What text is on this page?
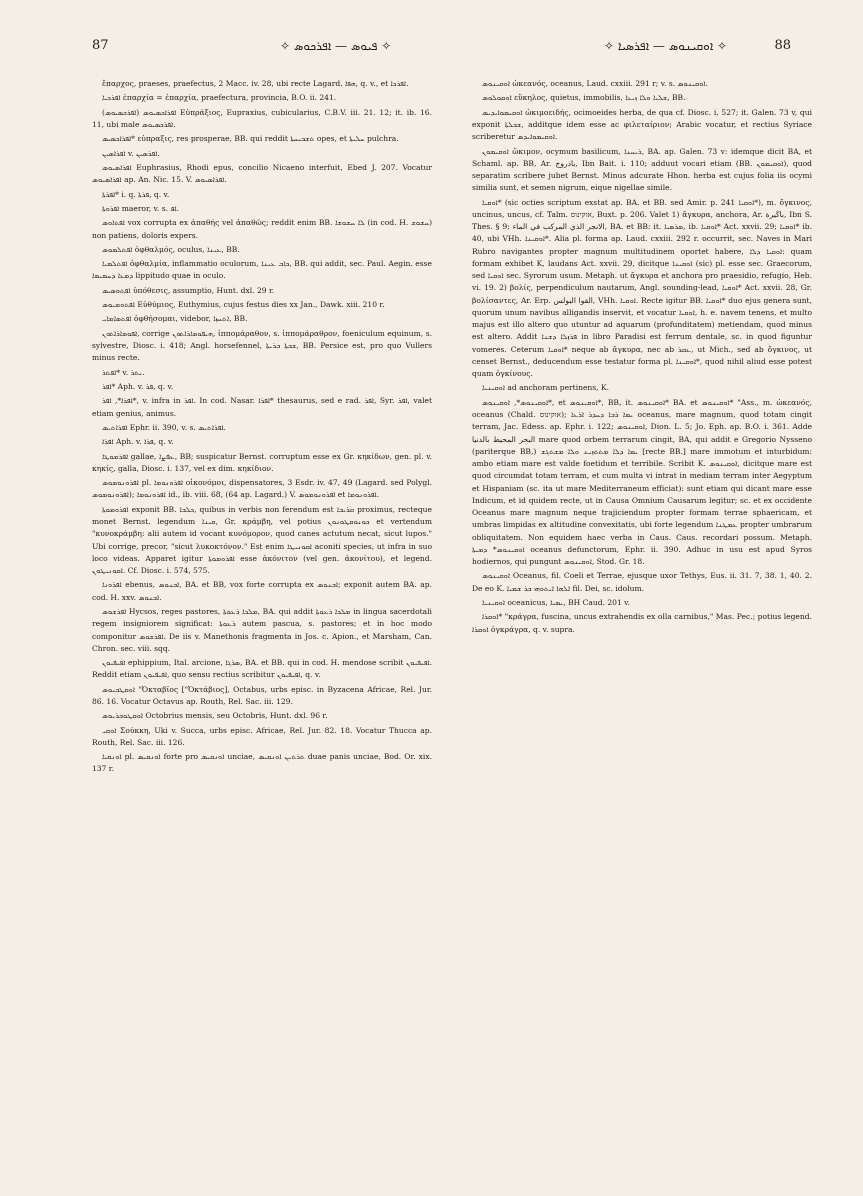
87	✧ ܦܝܘܣ — ܐܦܪܟܘܣ ✧	✧ ܐܘܩܝܢܘܣ — ܐܦܪܣܝܐ ✧	88

ἔπαρχος, praeses, praefectus, 2 Macc. iv. 28, ubi recte Lagard. ܗܦܐ, q. v., et ܐܦܪܟܐ.

ܐܦܪܟܝܐ ἐπαρχία = ἐπαρχία, praefectura, provincia, B.O. ii. 241.

(ܐܦܪܟܣܝܘܣ) ܐܦܪܐܟܣܝܘܣ Εὐπράξιος, Eupraxius, cubicularius, C.B.V. iii. 21. 12; it. ib. 16. 11, ubi male ܐܦܪܟܣܝܘܣ.

ܐܦܪܐܟܣܝܣ* εὐπραξις, res prosperae, BB. qui reddit ܬܫܒܝܚܬܐ opes, et ܚܠܝܬܐ pulchra.

ܐܦܪܐܣܝܢ v. ܐܦܪܣܝܢ.

ܐܦܪܐܣܝܘܣ Euphrasius, Rhodi epus, concilio Nicaeno interfuit, Ebed J. 207. Vocatur ܐܦܪܐܣܝܘܣ ap. An. Nic. 15. V. ܐܦܪܐܣܝܘܣ.

ܐܦܪܬܐ* i. q. ܦܪܬܐ, q. v.

ܐܦܪܘܬܐ maeror, v. s. ܐܦ.

ܐܦܬܐܘܣ vox corrupta ex ἀπαθής vel ἀπαθῶς; reddit enim BB. ܠܐ ܚܫܘܫܐ (in cod. H. ܚܫܘܫ) non patiens, doloris expers.

ܐܦܬܠܡܘܣ ὀφθαλμός, oculus, ܥܝܢܐ, BB.

ܐܦܬܠܡܝܐ ὀφθαλμία, inflammatio oculorum, ܟܐܒ ܥܝܢܐ, BB. qui addit, sec. Paul. Aegin. esse ܕܡܥܐ ܕܚܡܝܡܐ lippitudo quae in oculo.

ܐܦܬܘܣܝܣ ὑπόθεσις, assumptio, Hunt. dxl. 29 r.

ܐܦܬܘܡܝܘܣ Εὐθύμιος, Euthymius, cujus festus dies xx Jan., Dawk. xiii. 210 r.

ܐܦܬܣܐܡܐܝ ὀφθήσομαι, videbor, ܐܬܚܙܐ, BB.

ܐܦܘܡܐܪܐܬܘܢ, corrige ܗܝܦܘܡܐܪܐܬܘܢ, ἱππομάραθον, s. ἱππομάραθρον, foeniculum equinum, s. sylvestre, Diosc. i. 418; Angl. horsefennel, ܫܒܬܐ ܒܪܝܬܐ, BB. Persice est, pro quo Vullers minus recte.

ܐܦܬܪ* v. ܝܬܪ.

ܐܦܪ* Aph. v. ܦܪ, q. v.

ܐܦܪܐ*, ܐܦܪ*, v. infra in ܐܦܪ. In cod. Nasar. ܐܦܪܐ* thesaurus, sed e rad. ܐܦܪ, Syr. ܐܦܪ, valet etiam genius, animus.

ܐܦܪܐܬܝܣ Ephr. ii. 390, v. s. ܐܦܪܐܬܝܣ.

ܐܦܪܐ Aph. v. ܦܪܐ, q. v.

ܐܦܪܡܘܛܐ gallae, ܥܦܨܐ, BB; suspicatur Bernst. corruptum esse ex Gr. κηκίδων, gen. pl. v. κηκίς, galla, Diosc. i. 137, vel ex dim. κηκίδιον.

ܐܦܪܘܢܘܡܘܣ pl. ܐܦܪܘܢܘܡܐ οἰκονόμοι, dispensatores, 3 Esdr. iv. 47, 49 (Lagard. sed Polygl. ܐܦܪܘܢܘܡܘܣ); ܐܦܪܘܢܘܡܐ id., ib. viii. 68, (64 ap. Lagard.) V. ܐܦܪܘܢܘܡܘܣ et ܐܦܪܘܢܘܡܐ.

ܐܦܪܘܡܘܬܐ exponit BB. ܟܠܒܐ, quibus in verbis non ferendum est ܩܪܝܒܐ proximus, recteque monet Bernst. legendum ܩܝܢܐ, Gr. κράμβη, vel potius ܟܘܢܘܩܛܘܢܘܢ et vertendum "κυνοκράμβη: alii autem id vocant κυνόμορον, quod canes actutum necat, sicut lupos." Ubi corrige, precor, "sicut λυκοκτόνον." Est enim ܐܩܘܢܝܛܐ aconiti species, ut infra in suo loco videas. Apparet igitur ܐܦܪܘܡܘܬܐ esse ἀκόνιτον (vel gen. ἀκονίτου), et legend. ܐܩܘܢܝܛܘܢ. Cf. Diosc. i. 574, 575.

ܐܦܪܘܢܐ ebenus, ܐܒܢܘܣ, BA. et BB, vox forte corrupta ex ܐܒܢܘܣ; exponit autem BA. ap. cod. H. xxv. ܐܒܢܘܣ.

ܐܦܪܫܘܣ Hycsos, reges pastores, ܡܠܟܐ ܪܥܘܬܐ, BA. qui addit ܡܠܟܐ ܪܥܘܬܐ in lingua sacerdotali regem insigniorem significat: ܪܥܘܬܐ autem pascua, s. pastores; et in hoc modo componitur ܐܦܪܫܘܣ. De iis v. Manethonis fragmenta in Jos. c. Apion., et Marsham, Can. Chron. sec. viii. sqq.

ܐܦܝܦܝܘܢ ephippium, Ital. arcione, ܣܪܓܐ, BA. et BB. qui in cod. H. mendose scribit ܐܦܝܦܝܘܢ. Reddit etiam ܐܦܝܦܝܘܢ, quo sensu rectius scribitur ܐܦܝܦܝܘܢ, q. v.

ܐܘܩܛܒܝܘܣ "Ὀκταβῖος ["Ὀκτάβιος], Octabus, urbs episc. in Byzacena Africae, Rel. Jur. 86. 16. Vocatur Octavus ap. Routh, Rel. Sac. iii. 129.

ܐܘܩܛܘܒܪܝܘܣ Octobrius mensis, seu Octobris, Hunt. dxl. 96 r.

ܐܘܩܝ Σούκκη, Uki v. Succa, urbs episc. Africae, Rel. Jur. 82. 18. Vocatur Thucca ap. Routh, Rel. Sac. iii. 126.

ܐܘܢܩܝܐ pl. ܐܘܢܩܝܣ forte pro ܐܘܢܩܝܣ unciae, ܬܪܬܝܢ ܐܘܢܩܝܣ duae panis unciae, Bod. Or. xix. 137 r.

ܐܘܩܝܢܘܣ ὠκεανός, oceanus, Laud. cxxiii. 291 r; v. s. ܐܘܩܝܢܘܣ.

ܐܘܩܘܠܘܣ εὔκηλος, quietus, immobilis, ܫܠܝܐ ܘܠܐ ܙܝܥܐ, BB.

ܐܘܩܝܡܘܐܝܕܝܣ ὠκιμοειδής, ocimoeides herba, de qua cf. Diosc. i. 527; it. Galen. 73 v, qui exponit ܫܒܠܬܐ, additque idem esse ac φιλεταίριον; Arabic vocatur, et rectius Syriace scriberetur ܐܘܩܝܡܘܐܝܕܣ.

ܐܘܩܝܡܘܢ ὤκιμον, ocymum basilicum, ܪܝܚܢܐ, BA. ap. Galen. 73 v: idemque dicit BA, et Schaml. ap. BB, Ar. باذروج, Ibn Bait. i. 110; adduut vocari etiam (BB. ܐܘܩܝܡܘܢ), quod separatim scribere jubet Bernst. Minus adcurate Hhon. herba est cujus folia iis ocymi similia sunt, et semen nigrum, eique nigellae simile.

ܐܘܩܝܐ* (sic octies scriptum exstat ap. BA. et BB. sed Amir. p. 241 ܐܘܩܝܐ*), m. ὄγκινος, uncinus, uncus, cf. Talm. אוקינוס, Buxt. p. 206. Valet 1) ἄγκυρα, anchora, Ar. باڭيرة, Ibn S. Thes. § 9; الانجر الذي المركب في الماء, BA. et BB: it. ܡܪܣܝܐ, ib. ܐܘܩܝܐ* Act. xxvii. 29; ܐܘܩܝܐ* ib. 40, ubi VHh. ܐܘܩܝܢܐ*. Alia pl. forma ap. Laud. cxxiii. 292 r. occurrit, sec. Naves in Mari Rubro navigantes propter magnum multitudinem oportet habere, ܐܘܩܝܐ ܕܠܐ: quam formam exhibet K, laudans Act. xxvii. 29, dicitque ܐܘܩܝܢܐ (sic) pl. esse sec. Graecorum, sed ܐܘܩܝܐ sec. Syrorum usum. Metaph. ut ἄγκυρα et anchora pro praesidio, refugio, Heb. vi. 19. 2) βολίς, perpendiculum nautarum, Angl. sounding-lead, ܐܘܩܝܐ* Act. xxvii. 28, Gr. βολίσαντες, Ar. Erp. القوا البولس, VHh. ܐܘܩܝܐ. Recte igitur BB. ܐܘܩܝܐ* duo ejus genera sunt, quorum unum navibus alligandis inservit, et vocatur ܐܘܩܝܐ, h. e. navem tenens, et multo majus est illo altero quo utuntur ad aquarum (profunditatem) metiendam, quod minus est altero. Addit ܦܪܙܠܐ ܕܫܢܐ in libro Paradisi est ferrum dentale, sc. in quod figuntur vomeres. Ceterum ܐܘܩܝܐ* neque ab ἄγκυρα, nec ab ܥܩܪ, ut Mich., sed ab ὄγκινος, ut censet Bernst., deducendum esse testatur forma pl. ܐܘܩܝܢܐ*, quod nihil aliud esse potest quam ὀγκίνους.

ܐܘܩܝܢܝܐ ad anchoram pertinens, K.

ܐܘܩܝܢܘܣ*, ܐܘܩܝܢܘܣ*, et ܐܘܩܝܢܘܣ*, BB, it. ܐܘܩܝܢܘܣ* BA. et ܐܘܩܝܢܘܣ* "Ass., m. ὠκεανός, oceanus (Chald. אוקינוס); ܝܡܐ ܪܒܐ ܕܚܕܪ ܐܪܥܐ oceanus, mare magnum, quod totam cingit terram, Jac. Edess. ap. Ephr. i. 122; ܐܘܩܝܢܘܣ, Dion. L. 5; Jo. Eph. ap. B.O. i. 361. Adde البحر المحيط بالدنيا mare quod orbem terrarum cingit, BA, qui addit e Gregorio Nysseno (pariterque BB,) ܝܡܐ ܕܠܐ ܡܬܬܙܝܥ ܘܠܐ ܡܫܬܓܫ [recte BB.] mare immotum et inturbidum: ambo etiam mare est valde foetidum et terribile. Scribit K. ܐܘܩܝܢܘܣ, dicitque mare est quod circumdat totam terram, et cum multa vi intrat in mediam terram inter Aegyptum et Hispaniam (sc. ita ut mare Mediterraneum efficiat): sunt etiam qui dicant mare esse Indicum, et id quidem recte, ut in Causa Omnium Causarum legitur; sc. et ex occidente Oceanus mare magnum neque trajiciendum propter formam terrae sphaericam, et umbras limpidas ex altitudine convexitatis, ubi forte legendum ܥܡܛܢܐ propter umbrarum obliquitatem. Non equidem haec verba in Caus. Caus. recordari possum. Metaph. ܐܘܩܝܢܘܣ* ܕܡܝܬܐ oceanus defunctorum, Ephr. ii. 390. Adhuc in usu est apud Syros hodiernos, qui pungunt ܐܘܩܝܢܘܣ, Stod. Gr. 18.

ܐܘܩܝܢܘܣ Oceanus, fil. Coeli et Terrae, ejusque uxor Tethys, Eus. ii. 31. 7, 38. 1, 40. 2. De eo K. ܐܠܗܐ ܐܝܬܘܗܝ ܒܪ ܫܡܝܐ fil. Dei, sc. idolum.

ܐܘܩܝܢܝܐ oceanicus, ܝܡܝܐ, BH Caud. 201 v.

ܐܘܩܪܐ* "κράγρα, fuscina, uncus extrahendis ex olla carnibus," Mas. Pec.; potius legend. ܐܘܩܪܐ ὀγκράγρα, q. v. supra.
